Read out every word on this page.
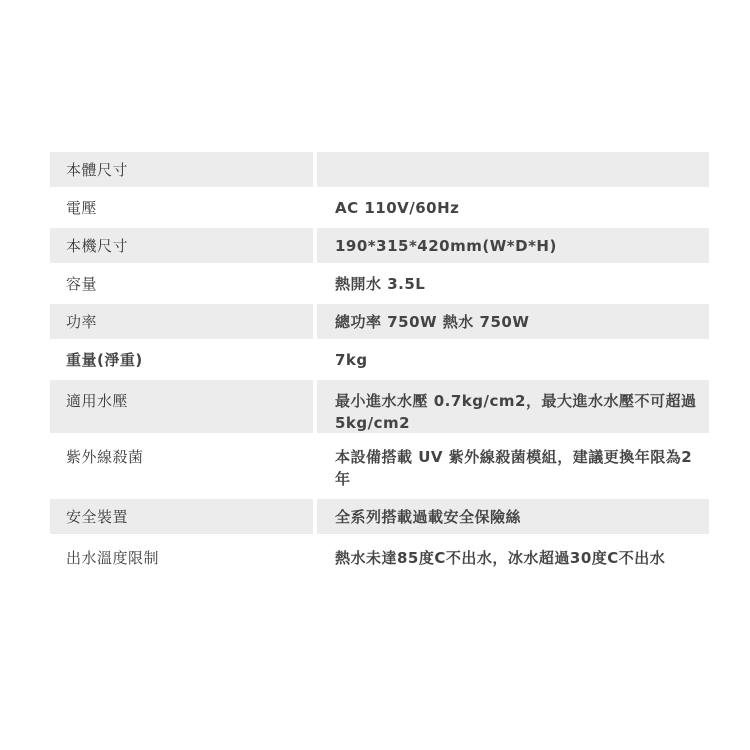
本體尺寸
電壓	AC 110V/60Hz
本機尺寸	190*315*420mm(W*D*H)
容量	熱開水 3.5L
功率	總功率 750W 熱水 750W
重量(淨重)	7kg
適用水壓	最小進水水壓 0.7kg/cm2，最大進水水壓不可超過 5kg/cm2
紫外線殺菌	本設備搭載 UV 紫外線殺菌模組，建議更換年限為2年
安全裝置	全系列搭載過載安全保險絲
出水溫度限制	熱水未達85度C不出水，冰水超過30度C不出水
